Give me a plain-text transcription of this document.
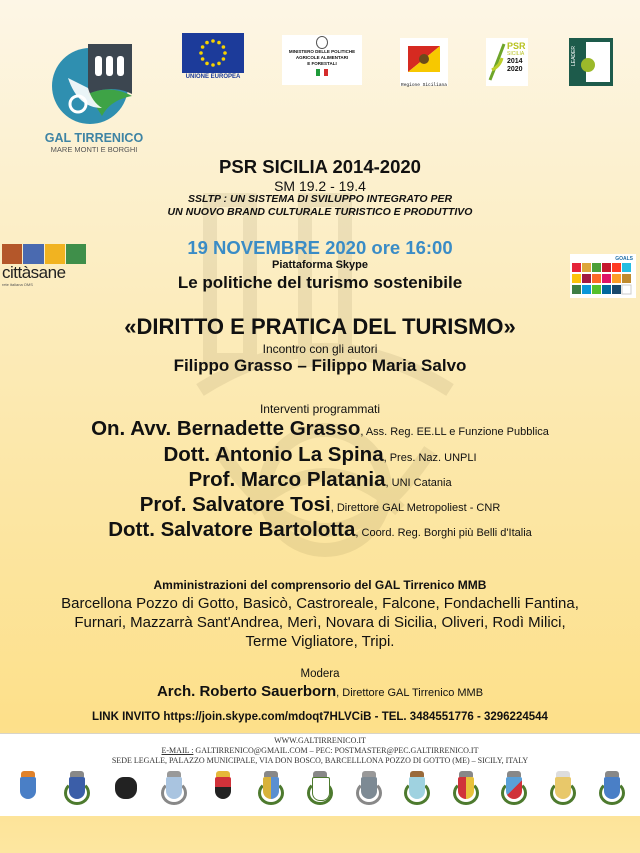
GAL TIRRENICO
MARE MONTI E BORGHI
UNIONE EUROPEA
MINISTERO DELLE POLITICHE
AGRICOLE ALIMENTARI
E FORESTALI
Regione Siciliana
PSR
SICILIA
2014
2020
LEADER
cittàsane
rete italiana OMS
GOALS
PSR SICILIA 2014-2020
SM 19.2 - 19.4
SSLTP : UN SISTEMA DI SVILUPPO INTEGRATO PER
UN NUOVO BRAND CULTURALE TURISTICO E PRODUTTIVO
19 NOVEMBRE 2020 ore 16:00
Piattaforma Skype
Le politiche del turismo sostenibile
«DIRITTO E PRATICA DEL TURISMO»
Incontro con gli autori
Filippo Grasso – Filippo Maria Salvo
Interventi programmati
On. Avv. Bernadette Grasso, Ass. Reg. EE.LL e Funzione Pubblica
Dott. Antonio La Spina, Pres. Naz. UNPLI
Prof. Marco Platania, UNI Catania
Prof. Salvatore Tosi, Direttore GAL Metropoliest - CNR
Dott. Salvatore Bartolotta, Coord. Reg. Borghi più Belli d'Italia
Amministrazioni del comprensorio del GAL Tirrenico MMB
Barcellona Pozzo di Gotto, Basicò, Castroreale, Falcone, Fondachelli Fantina,
Furnari, Mazzarrà Sant'Andrea, Merì, Novara di Sicilia, Oliveri, Rodì Milici,
Terme Vigliatore, Tripi.
Modera
Arch. Roberto Sauerborn, Direttore GAL Tirrenico MMB
LINK INVITO https://join.skype.com/mdoqt7HLVCiB - TEL. 3484551776 - 3296224544
WWW.GALTIRRENICO.IT
E-MAIL : GALTIRRENICO@GMAIL.COM – PEC: POSTMASTER@PEC.GALTIRRENICO.IT
SEDE LEGALE, PALAZZO MUNICIPALE, VIA DON BOSCO, BARCELLLONA POZZO DI GOTTO (ME) – SICILY, ITALY
